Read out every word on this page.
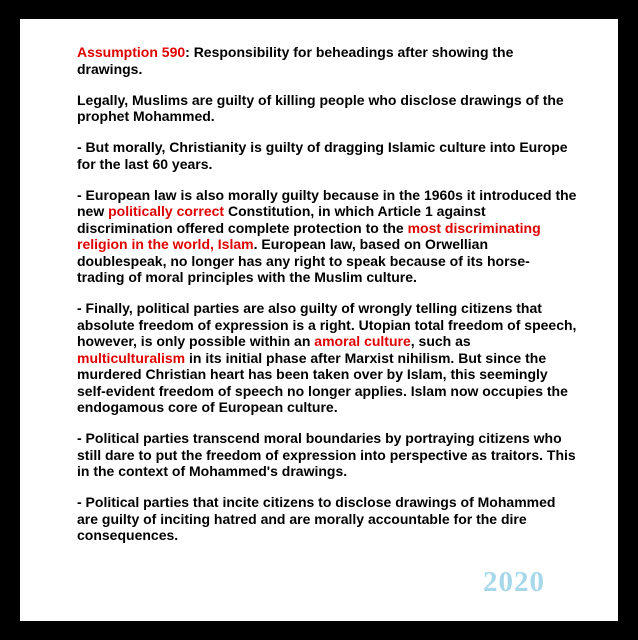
Assumption 590: Responsibility for beheadings after showing the drawings.

Legally, Muslims are guilty of killing people who disclose drawings of the prophet Mohammed.

- But morally, Christianity is guilty of dragging Islamic culture into Europe for the last 60 years.

- European law is also morally guilty because in the 1960s it introduced the new politically correct Constitution, in which Article 1 against discrimination offered complete protection to the most discriminating religion in the world, Islam. European law, based on Orwellian doublespeak, no longer has any right to speak because of its horse-trading of moral principles with the Muslim culture.

- Finally, political parties are also guilty of wrongly telling citizens that absolute freedom of expression is a right. Utopian total freedom of speech, however, is only possible within an amoral culture, such as multiculturalism in its initial phase after Marxist nihilism. But since the murdered Christian heart has been taken over by Islam, this seemingly self-evident freedom of speech no longer applies. Islam now occupies the endogamous core of European culture.

- Political parties transcend moral boundaries by portraying citizens who still dare to put the freedom of expression into perspective as traitors. This in the context of Mohammed's drawings.

- Political parties that incite citizens to disclose drawings of Mohammed are guilty of inciting hatred and are morally accountable for the dire consequences.

2020
